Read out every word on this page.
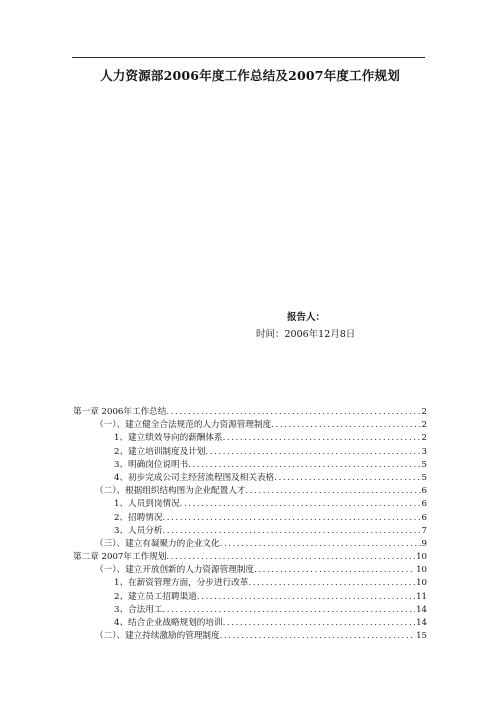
人力资源部2006年度工作总结及2007年度工作规划
报告人：
时间：2006年12月8日
第一章 2006年工作总结 .....	2
（一）、建立健全合法规范的人力资源管理制度 .....	2
1、建立绩效导向的薪酬体系 .....	2
2、建立培训制度及计划 .....	3
3、明确岗位说明书 .....	5
4、初步完成公司主经营流程图及相关表格 .....	5
（二）、根据组织结构图为企业配置人才 .....	6
1、人员到岗情况 .....	6
2、招聘情况 .....	6
3、人员分析 .....	7
（三）、建立有凝聚力的企业文化 .....	9
第二章 2007年工作规划 .....	10
（一）、建立开放创新的人力资源管理制度 .....	10
1、在薪资管理方面，分步进行改革 .....	10
2、建立员工招聘渠道 .....	11
3、合法用工 .....	14
4、结合企业战略规划的培训 .....	14
（二）、建立持续激励的管理制度 .....	15
